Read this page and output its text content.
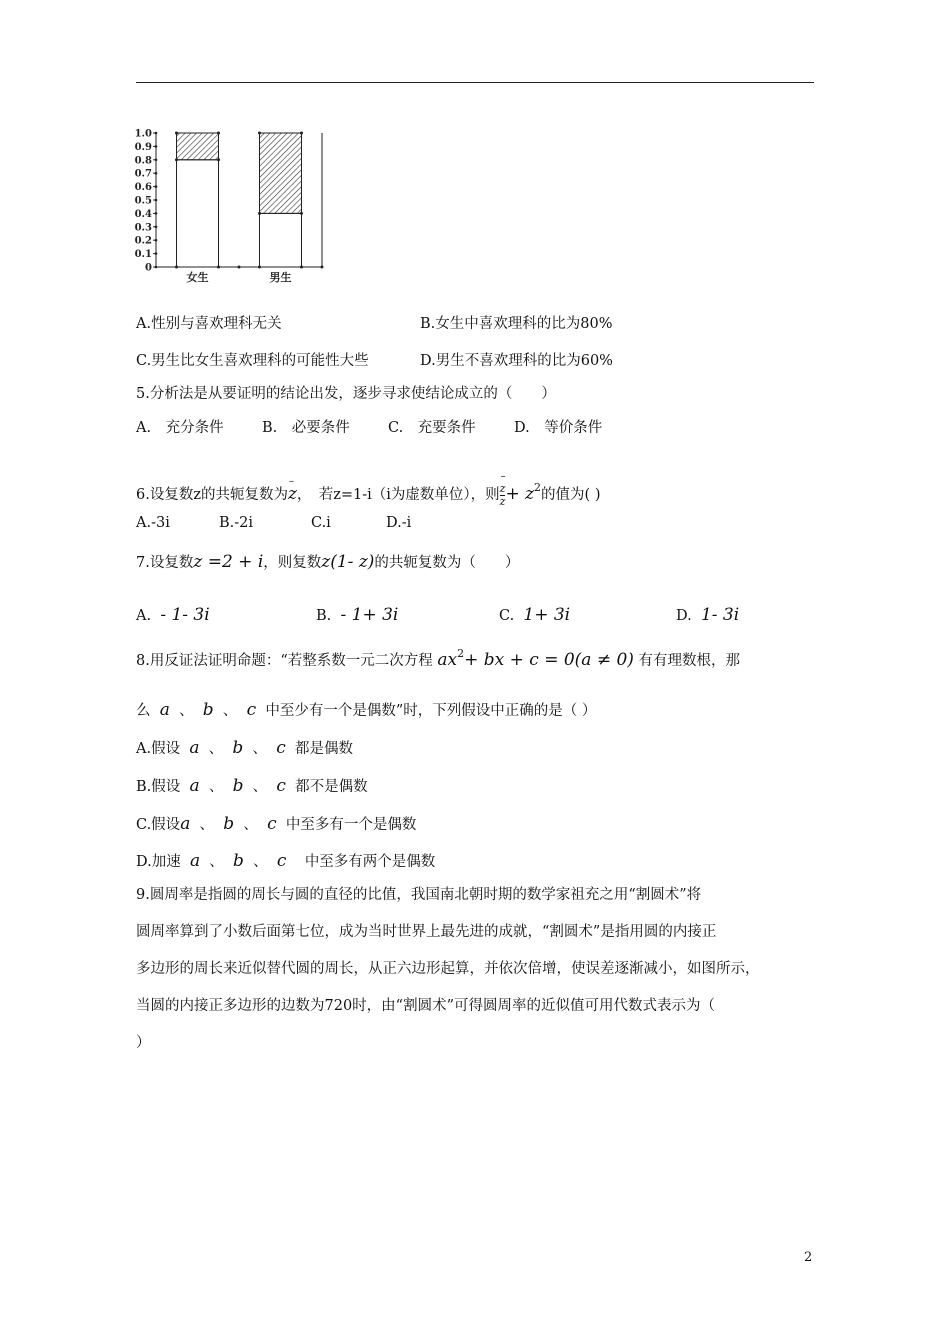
0
0.1
0.2
0.3
0.4
0.5
0.6
0.7
0.8
0.9
1.0
女生	男生
A.性别与喜欢理科无关	B.女生中喜欢理科的比为80%
C.男生比女生喜欢理科的可能性大些	D.男生不喜欢理科的比为60%
5.分析法是从要证明的结论出发，逐步寻求使结论成立的（　　）
A.　充分条件	B.　必要条件	C.　充要条件	D.　等价条件
6.设复数z的共轭复数为– z，　若z=1-i（i为虚数单位），则
– $\frac{z}{z}+ z^2$的值为( )
A.-3i	B.-2i	C.i	D.-i
7.设复数z =2 + i，则复数z(1- z)的共轭复数为（　　）
A. - 1- 3i	B. - 1+ 3i	C. 1+ 3i	D. 1- 3i
8.用反证法证明命题：“若整系数一元二次方程 $ax^2+$ bx + c = 0(a ≠ 0) 有有理数根，那
么 a 、 b 、 c 中至少有一个是偶数”时，下列假设中正确的是（ ）
A.假设 a 、 b 、 c 都是偶数
B.假设 a 、 b 、 c 都不是偶数
C.假设a 、 b 、 c 中至多有一个是偶数
D.加速 a 、 b 、 c 中至多有两个是偶数
9.圆周率是指圆的周长与圆的直径的比值，我国南北朝时期的数学家祖充之用“割圆术”将
圆周率算到了小数后面第七位，成为当时世界上最先进的成就，“割圆术”是指用圆的内接正
多边形的周长来近似替代圆的周长，从正六边形起算，并依次倍增，使误差逐渐减小，如图所示，
当圆的内接正多边形的边数为720时，由“割圆术”可得圆周率的近似值可用代数式表示为（
）
2
